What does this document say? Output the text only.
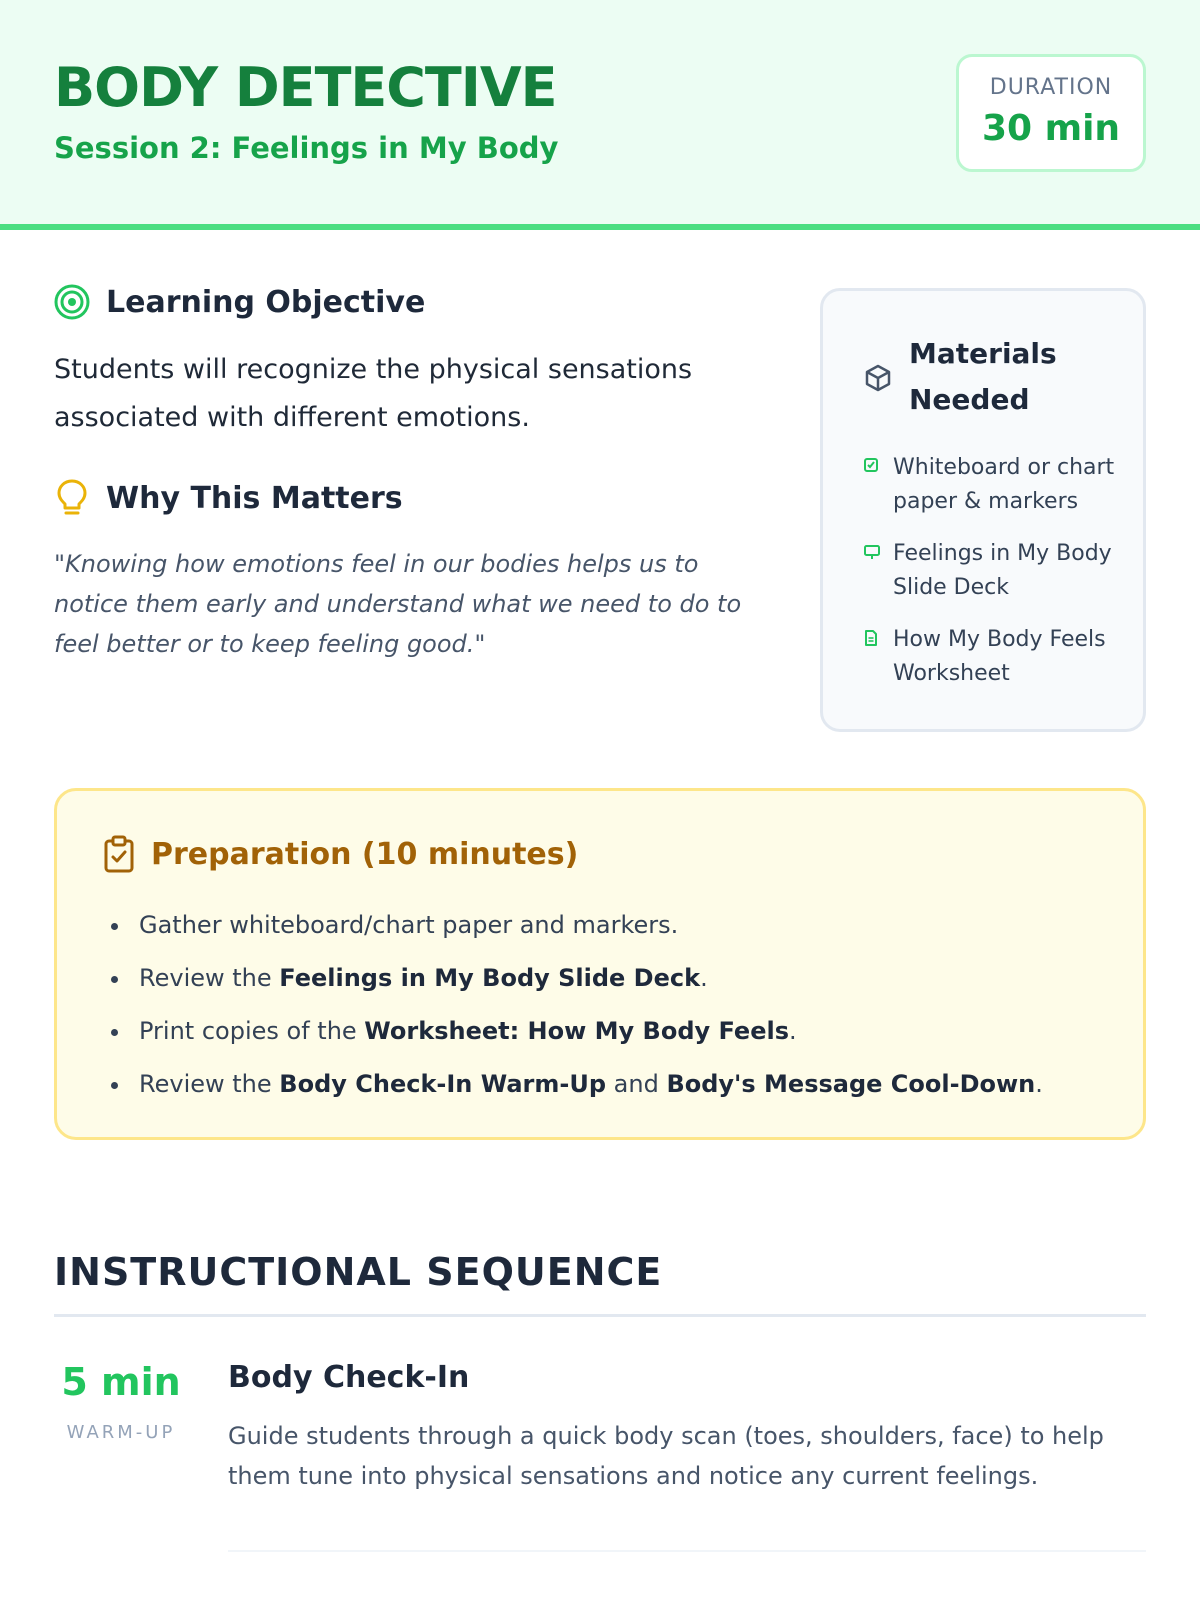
BODY DETECTIVE
Session 2: Feelings in My Body
DURATION
30 min
Learning Objective
Students will recognize the physical sensations associated with different emotions.
Why This Matters
"Knowing how emotions feel in our bodies helps us to notice them early and understand what we need to do to feel better or to keep feeling good."
Materials Needed
Whiteboard or chart paper & markers
Feelings in My Body Slide Deck
How My Body Feels Worksheet
Preparation (10 minutes)
Gather whiteboard/chart paper and markers.
Review the Feelings in My Body Slide Deck.
Print copies of the Worksheet: How My Body Feels.
Review the Body Check-In Warm-Up and Body's Message Cool-Down.
INSTRUCTIONAL SEQUENCE
5 min
WARM-UP
Body Check-In
Guide students through a quick body scan (toes, shoulders, face) to help them tune into physical sensations and notice any current feelings.
